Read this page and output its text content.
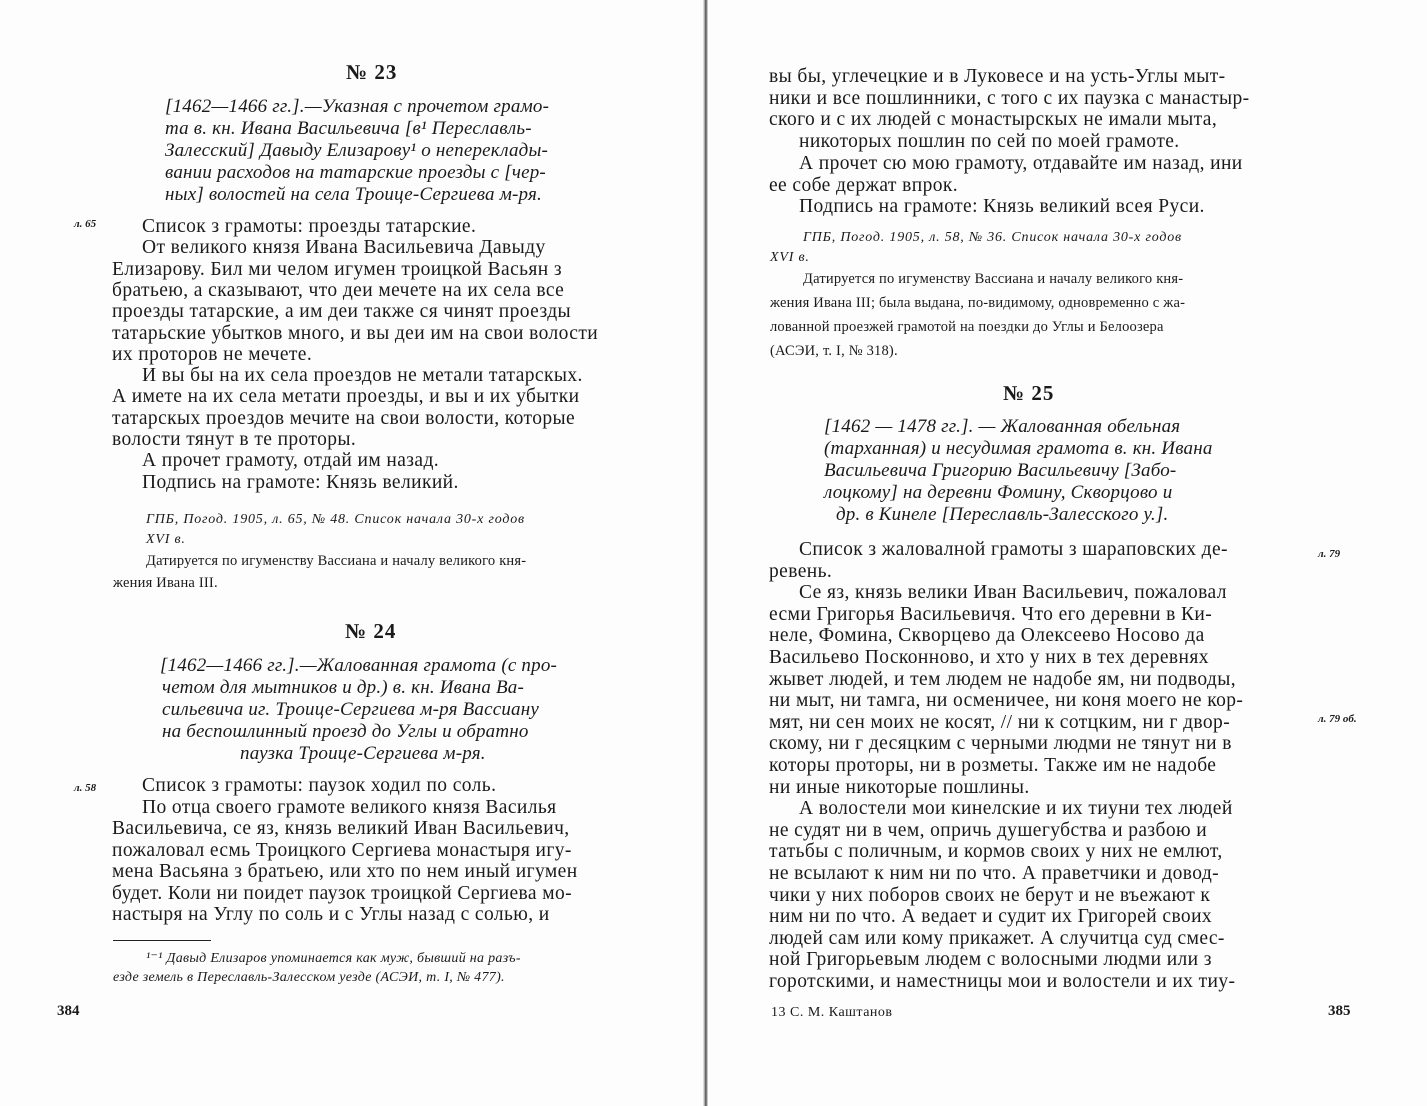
№ 23
[1462—1466 гг.].—Указная с прочетом грамо-
та в. кн. Ивана Васильевича [в¹ Переславль-
Залесский] Давыду Елизарову¹ о непереклады-
вании расходов на татарские проезды с [чер-
ных] волостей на села Троице-Сергиева м-ря.
л. 65 Список з грамоты: проезды татарские.
От великого князя Ивана Васильевича Давыду
Елизарову. Бил ми челом игумен троицкой Васьян з
братьею, а сказывают, что деи мечете на их села все
проезды татарские, а им деи также ся чинят проезды
татарьские убытков много, и вы деи им на свои волости
их проторов не мечете.
И вы бы на их села проездов не метали татарскых.
А имете на их села метати проезды, и вы и их убытки
татарскых проездов мечите на свои волости, которые
волости тянут в те проторы.
А прочет грамоту, отдай им назад.
Подпись на грамоте: Князь великий.
ГПБ, Погод. 1905, л. 65, № 48. Список начала 30-х годов
XVI в.
Датируется по игуменству Вассиана и началу великого кня-
жения Ивана III.
№ 24
[1462—1466 гг.].—Жалованная грамота (с про-
четом для мытников и др.) в. кн. Ивана Ва-
сильевича иг. Троице-Сергиева м-ря Вассиану
на беспошлинный проезд до Углы и обратно
паузка Троице-Сергиева м-ря.
л. 58 Список з грамоты: паузок ходил по соль.
По отца своего грамоте великого князя Василья
Васильевича, се яз, князь великий Иван Васильевич,
пожаловал есмь Троицкого Сергиева монастыря игу-
мена Васьяна з братьею, или хто по нем иный игумен
будет. Коли ни поидет паузок троицкой Сергиева мо-
настыря на Углу по соль и с Углы назад с солью, и
¹⁻¹ Давыд Елизаров упоминается как муж, бывший на разъ-
езде земель в Переславль-Залесском уезде (АСЭИ, т. I, № 477).
384
вы бы, углечецкие и в Луковесе и на усть-Углы мыт-
ники и все пошлинники, с того с их паузка с манастыр-
ского и с их людей с монастырскых не имали мыта,
никоторых пошлин по сей по моей грамоте.
А прочет сю мою грамоту, отдавайте им назад, ини
ее собе держат впрок.
Подпись на грамоте: Князь великий всея Руси.
ГПБ, Погод. 1905, л. 58, № 36. Список начала 30-х годов
XVI в.
Датируется по игуменству Вассиана и началу великого кня-
жения Ивана III; была выдана, по-видимому, одновременно с жа-
лованной проезжей грамотой на поездки до Углы и Белоозера
(АСЭИ, т. I, № 318).
№ 25
[1462 — 1478 гг.]. — Жалованная обельная
(тарханная) и несудимая грамота в. кн. Ивана
Васильевича Григорию Васильевичу [Забо-
лоцкому] на деревни Фомину, Скворцово и
др. в Кинеле [Переславль-Залесского у.].
л. 79
л. 79 об.
Список з жаловалной грамоты з шарaповских де-
ревень.
Се яз, князь велики Иван Васильевич, пожаловал
есми Григорья Васильевичя. Что его деревни в Ки-
неле, Фомина, Скворцево да Олексеево Носово да
Васильево Посконново, и хто у них в тех деревнях
жывет людей, и тем людем не надобе ям, ни подводы,
ни мыт, ни тамга, ни осменичее, ни коня моего не кор-
мят, ни сен моих не косят, // ни к сотцким, ни г двор-
скому, ни г десяцким с черными людми не тянут ни в
которы проторы, ни в розметы. Также им не надобе
ни иные никоторые пошлины.
А волостели мои кинелские и их тиуни тех людей
не судят ни в чем, опричь душегубства и разбою и
татьбы с поличным, и кормов своих у них не емлют,
не всылают к ним ни по что. А праветчики и довод-
чики у них поборов своих не берут и не въежают к
ним ни по что. А ведает и судит их Григорей своих
людей сам или кому прикажет. А случитца суд смес-
ной Григорьевым людем с волосными людми или з
горотскими, и наместницы мои и волостели и их тиу-
13 С. М. Каштанов	385
